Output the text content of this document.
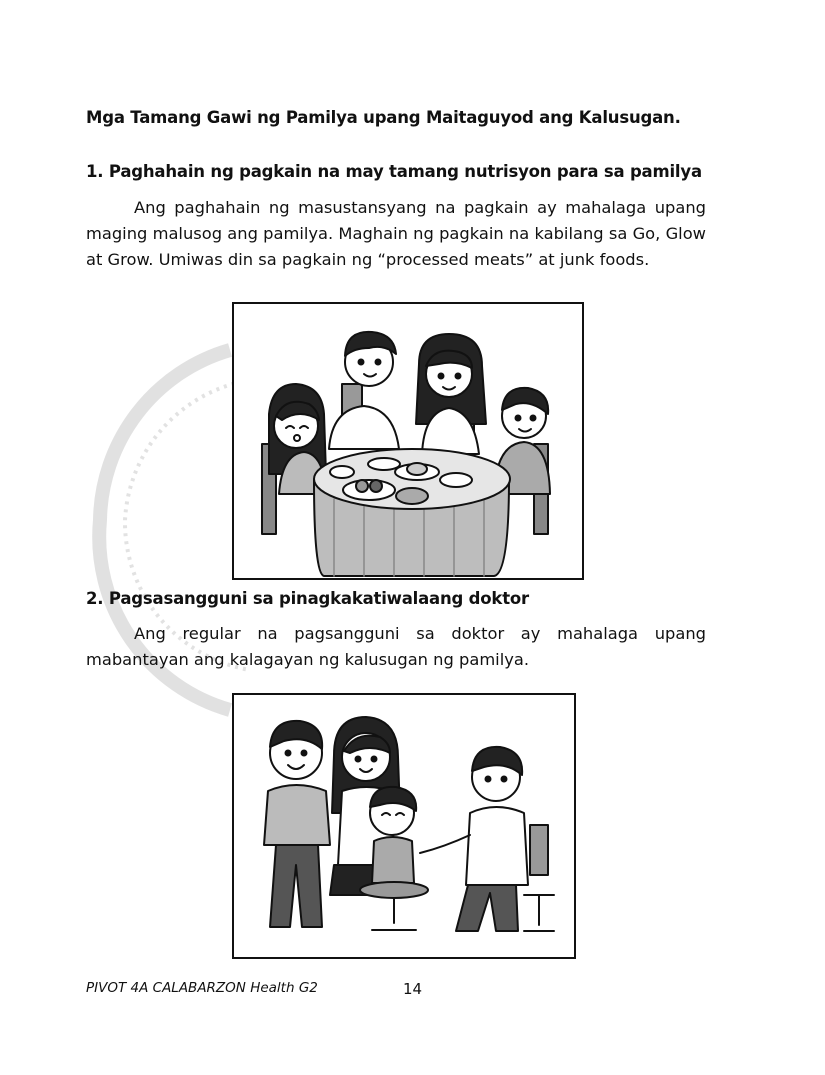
Mga Tamang Gawi ng Pamilya upang Maitaguyod ang Kalusugan.
1. Paghahain ng pagkain na may tamang nutrisyon para sa pamilya

Ang paghahain ng masustansyang na pagkain ay mahalaga upang maging malusog ang pamilya. Maghain ng pagkain na kabilang sa Go, Glow at Grow. Umiwas din sa pagkain ng “processed meats” at junk foods.

2. Pagsasangguni sa pinagkakatiwalaang doktor

Ang regular na pagsangguni sa doktor ay mahalaga upang mabantayan ang kalagayan ng kalusugan ng pamilya.

PIVOT 4A CALABARZON Health G2	14
